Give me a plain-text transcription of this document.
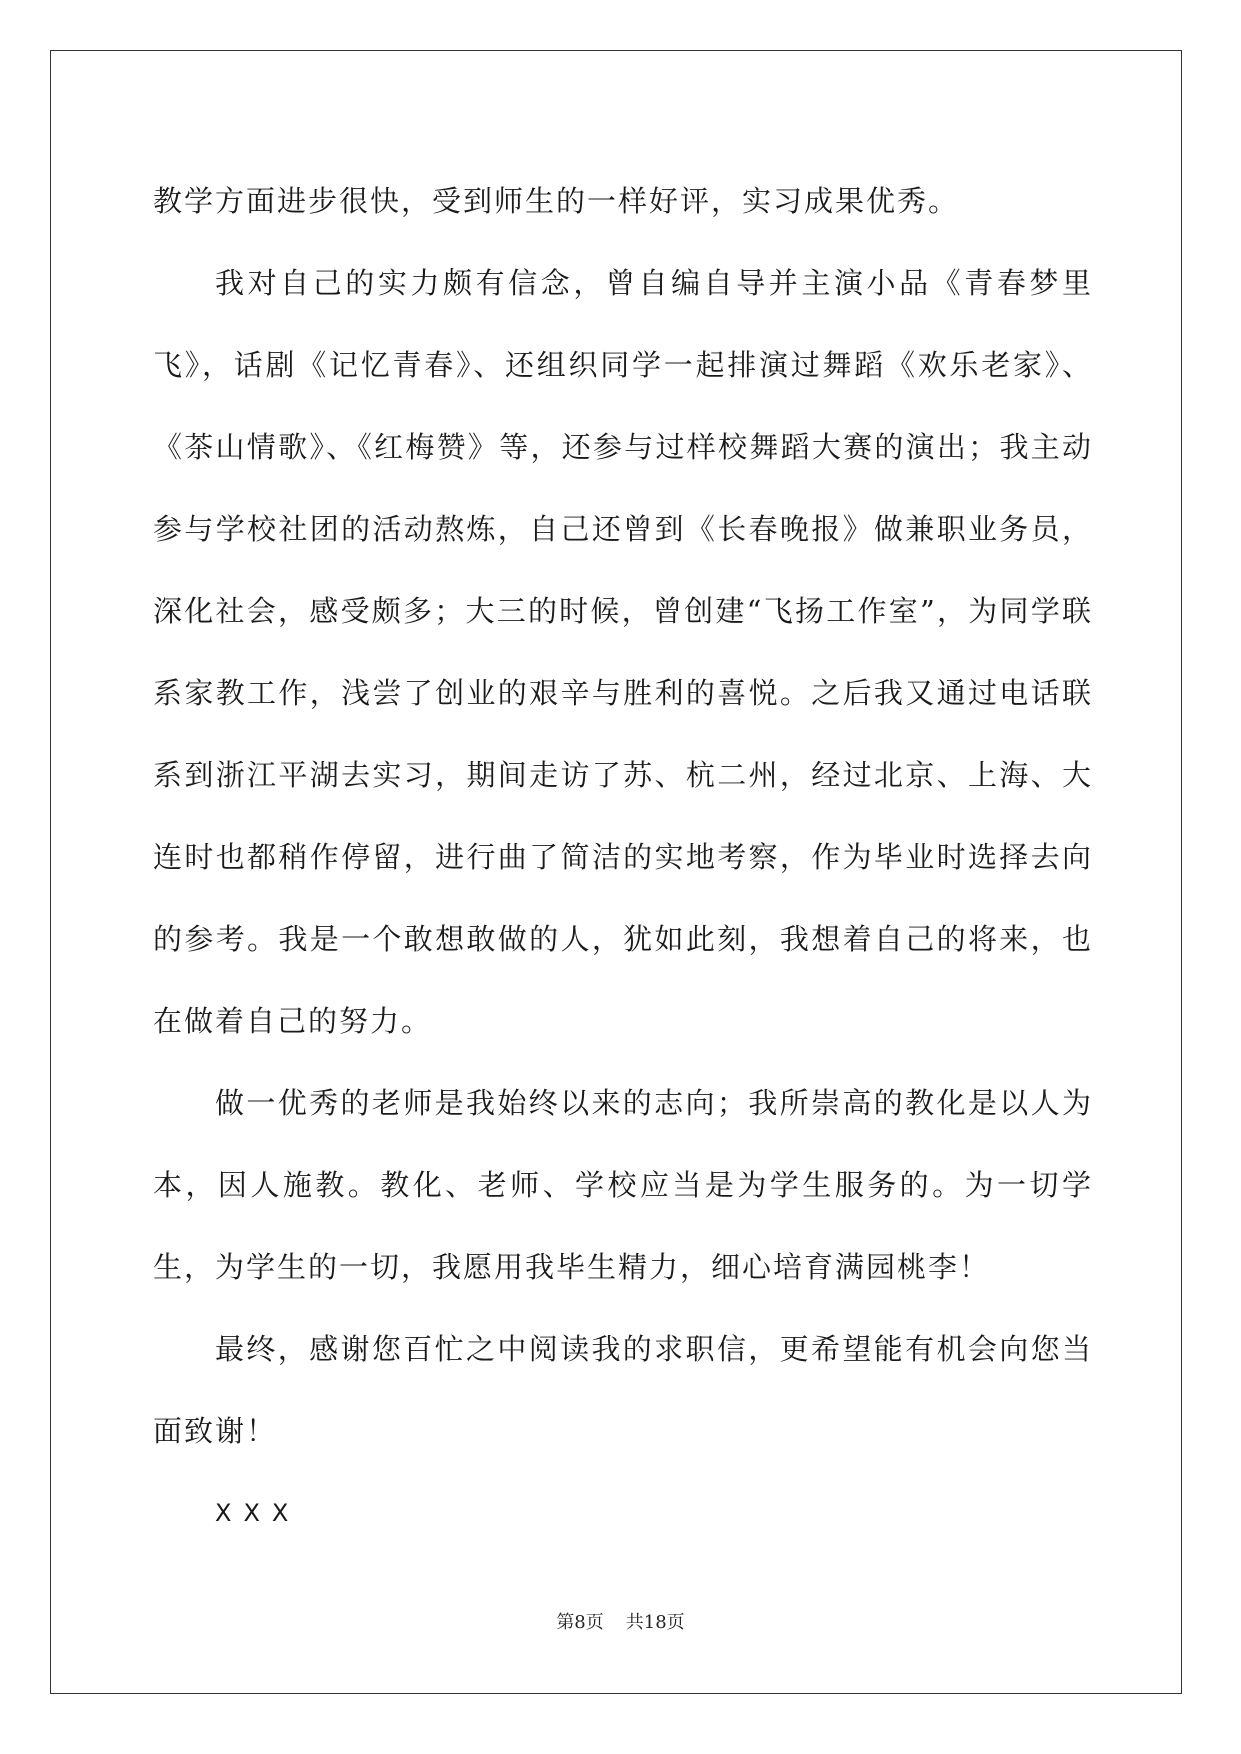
教学方面进步很快，受到师生的一样好评，实习成果优秀。

我对自己的实力颇有信念，曾自编自导并主演小品《青春梦里飞》，话剧《记忆青春》、还组织同学一起排演过舞蹈《欢乐老家》、《茶山情歌》、《红梅赞》等，还参与过样校舞蹈大赛的演出；我主动参与学校社团的活动熬炼，自己还曾到《长春晚报》做兼职业务员，深化社会，感受颇多；大三的时候，曾创建“飞扬工作室”，为同学联系家教工作，浅尝了创业的艰辛与胜利的喜悦。之后我又通过电话联系到浙江平湖去实习，期间走访了苏、杭二州，经过北京、上海、大连时也都稍作停留，进行曲了简洁的实地考察，作为毕业时选择去向的参考。我是一个敢想敢做的人，犹如此刻，我想着自己的将来，也在做着自己的努力。

做一优秀的老师是我始终以来的志向；我所崇高的教化是以人为本，因人施教。教化、老师、学校应当是为学生服务的。为一切学生，为学生的一切，我愿用我毕生精力，细心培育满园桃李！

最终，感谢您百忙之中阅读我的求职信，更希望能有机会向您当面致谢！

XXX

第8页 共18页
